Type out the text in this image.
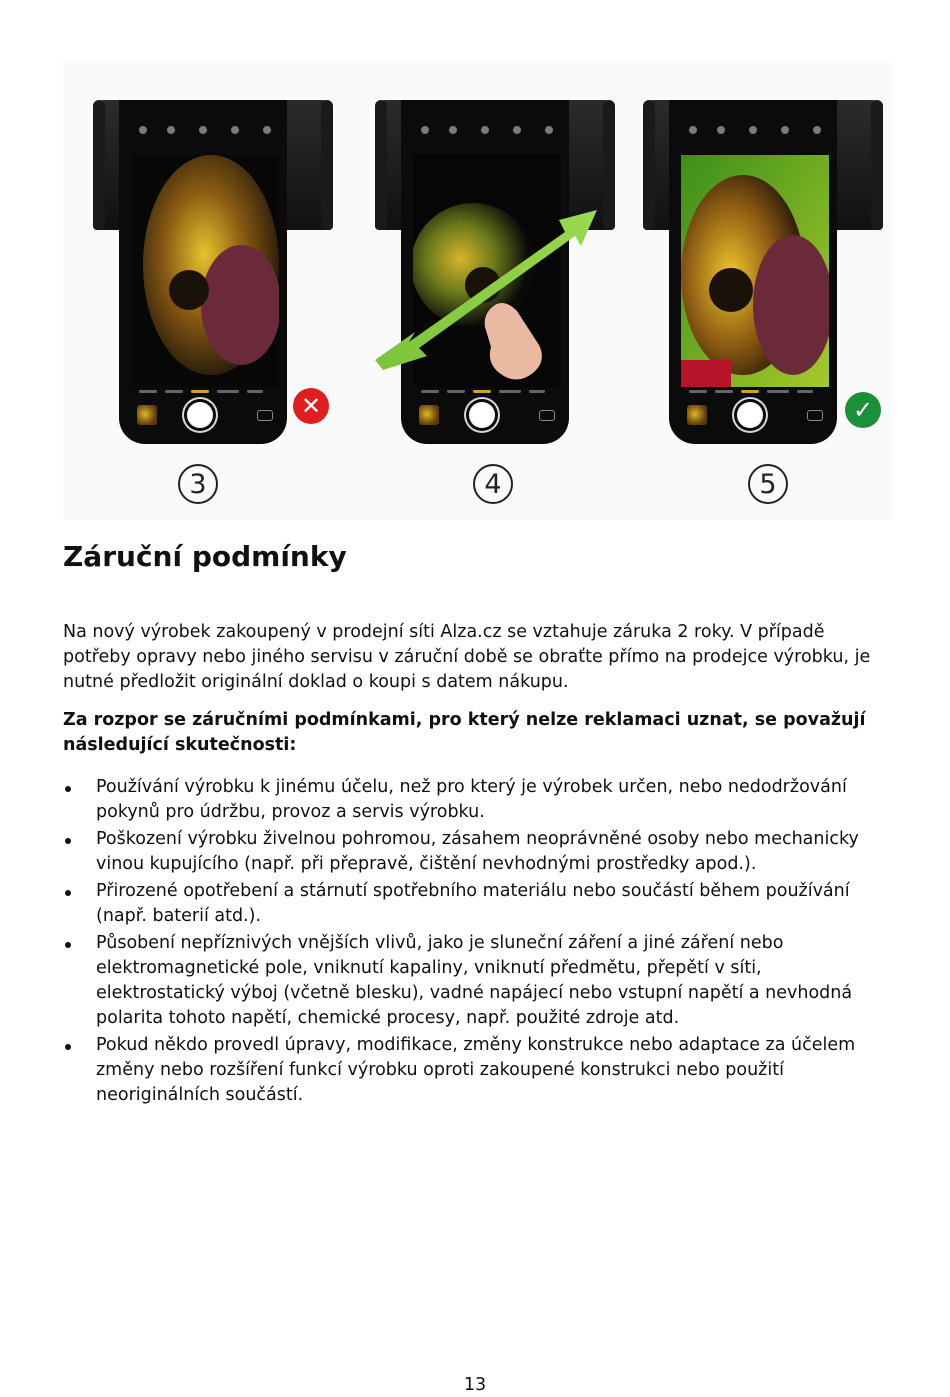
✕
3	4
✓
5
Záruční podmínky

Na nový výrobek zakoupený v prodejní síti Alza.cz se vztahuje záruka 2 roky. V případě potřeby opravy nebo jiného servisu v záruční době se obraťte přímo na prodejce výrobku, je nutné předložit originální doklad o koupi s datem nákupu.

Za rozpor se záručními podmínkami, pro který nelze reklamaci uznat, se považují následující skutečnosti:

Používání výrobku k jinému účelu, než pro který je výrobek určen, nebo nedodržování pokynů pro údržbu, provoz a servis výrobku.
Poškození výrobku živelnou pohromou, zásahem neoprávněné osoby nebo mechanicky vinou kupujícího (např. při přepravě, čištění nevhodnými prostředky apod.).
Přirozené opotřebení a stárnutí spotřebního materiálu nebo součástí během používání (např. baterií atd.).
Působení nepříznivých vnějších vlivů, jako je sluneční záření a jiné záření nebo elektromagnetické pole, vniknutí kapaliny, vniknutí předmětu, přepětí v síti, elektrostatický výboj (včetně blesku), vadné napájecí nebo vstupní napětí a nevhodná polarita tohoto napětí, chemické procesy, např. použité zdroje atd.
Pokud někdo provedl úpravy, modifikace, změny konstrukce nebo adaptace za účelem změny nebo rozšíření funkcí výrobku oproti zakoupené konstrukci nebo použití neoriginálních součástí.
13
